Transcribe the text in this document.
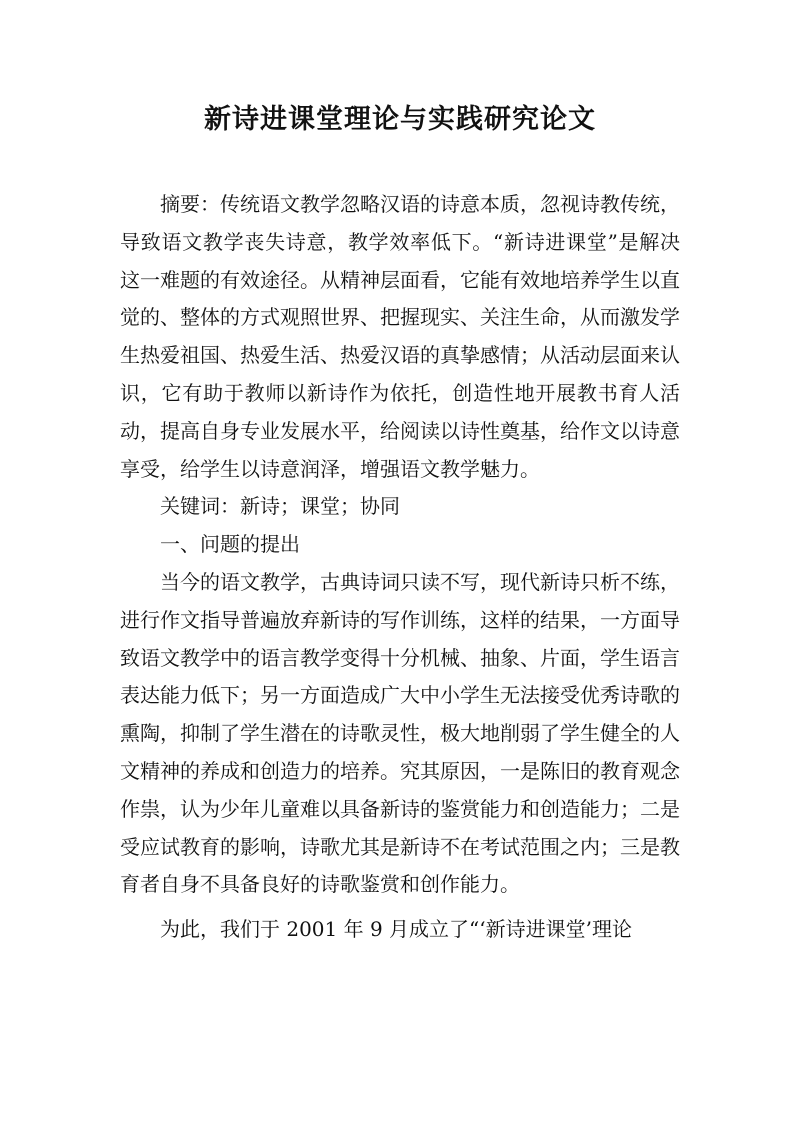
新诗进课堂理论与实践研究论文

摘要：传统语文教学忽略汉语的诗意本质，忽视诗教传统，导致语文教学丧失诗意，教学效率低下。“新诗进课堂”是解决这一难题的有效途径。从精神层面看，它能有效地培养学生以直觉的、整体的方式观照世界、把握现实、关注生命，从而激发学生热爱祖国、热爱生活、热爱汉语的真挚感情；从活动层面来认识，它有助于教师以新诗作为依托，创造性地开展教书育人活动，提高自身专业发展水平，给阅读以诗性奠基，给作文以诗意享受，给学生以诗意润泽，增强语文教学魅力。

关键词：新诗；课堂；协同

一、问题的提出

当今的语文教学，古典诗词只读不写，现代新诗只析不练，进行作文指导普遍放弃新诗的写作训练，这样的结果，一方面导致语文教学中的语言教学变得十分机械、抽象、片面，学生语言表达能力低下；另一方面造成广大中小学生无法接受优秀诗歌的熏陶，抑制了学生潜在的诗歌灵性，极大地削弱了学生健全的人文精神的养成和创造力的培养。究其原因，一是陈旧的教育观念作祟，认为少年儿童难以具备新诗的鉴赏能力和创造能力；二是受应试教育的影响，诗歌尤其是新诗不在考试范围之内；三是教育者自身不具备良好的诗歌鉴赏和创作能力。

为此，我们于 2001 年 9 月成立了“‘新诗进课堂’理论
